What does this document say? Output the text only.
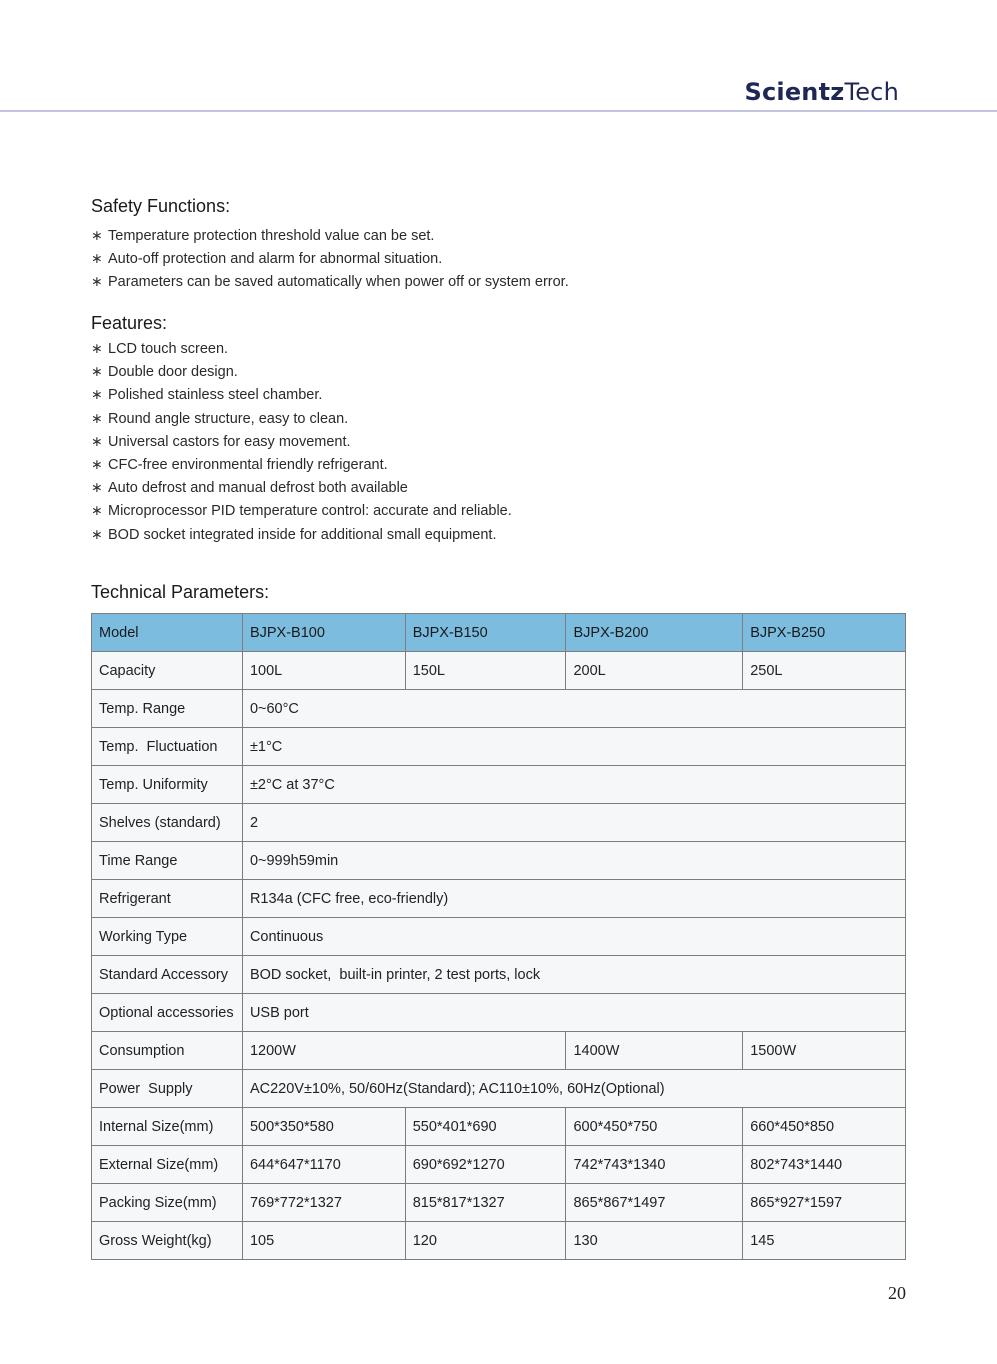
ScientzTech
Safety Functions:
∗ Temperature protection threshold value can be set.
∗ Auto-off protection and alarm for abnormal situation.
∗ Parameters can be saved automatically when power off or system error.
Features:
∗ LCD touch screen.
∗ Double door design.
∗ Polished stainless steel chamber.
∗ Round angle structure, easy to clean.
∗ Universal castors for easy movement.
∗ CFC-free environmental friendly refrigerant.
∗ Auto defrost and manual defrost both available
∗ Microprocessor PID temperature control: accurate and reliable.
∗ BOD socket integrated inside for additional small equipment.
Technical Parameters:
Model	BJPX-B100	BJPX-B150	BJPX-B200	BJPX-B250
Capacity	100L	150L	200L	250L
Temp. Range	0~60°C			
Temp.  Fluctuation	±1°C			
Temp. Uniformity	±2°C at 37°C			
Shelves (standard)	2			
Time Range	0~999h59min			
Refrigerant	R134a (CFC free, eco-friendly)			
Working Type	Continuous			
Standard Accessory	BOD socket,  built-in printer, 2 test ports, lock			
Optional accessories	USB port			
Consumption	1200W		1400W	1500W
Power  Supply	AC220V±10%, 50/60Hz(Standard); AC110±10%, 60Hz(Optional)			
Internal Size(mm)	500*350*580	550*401*690	600*450*750	660*450*850
External Size(mm)	644*647*1170	690*692*1270	742*743*1340	802*743*1440
Packing Size(mm)	769*772*1327	815*817*1327	865*867*1497	865*927*1597
Gross Weight(kg)	105	120	130	145
20
